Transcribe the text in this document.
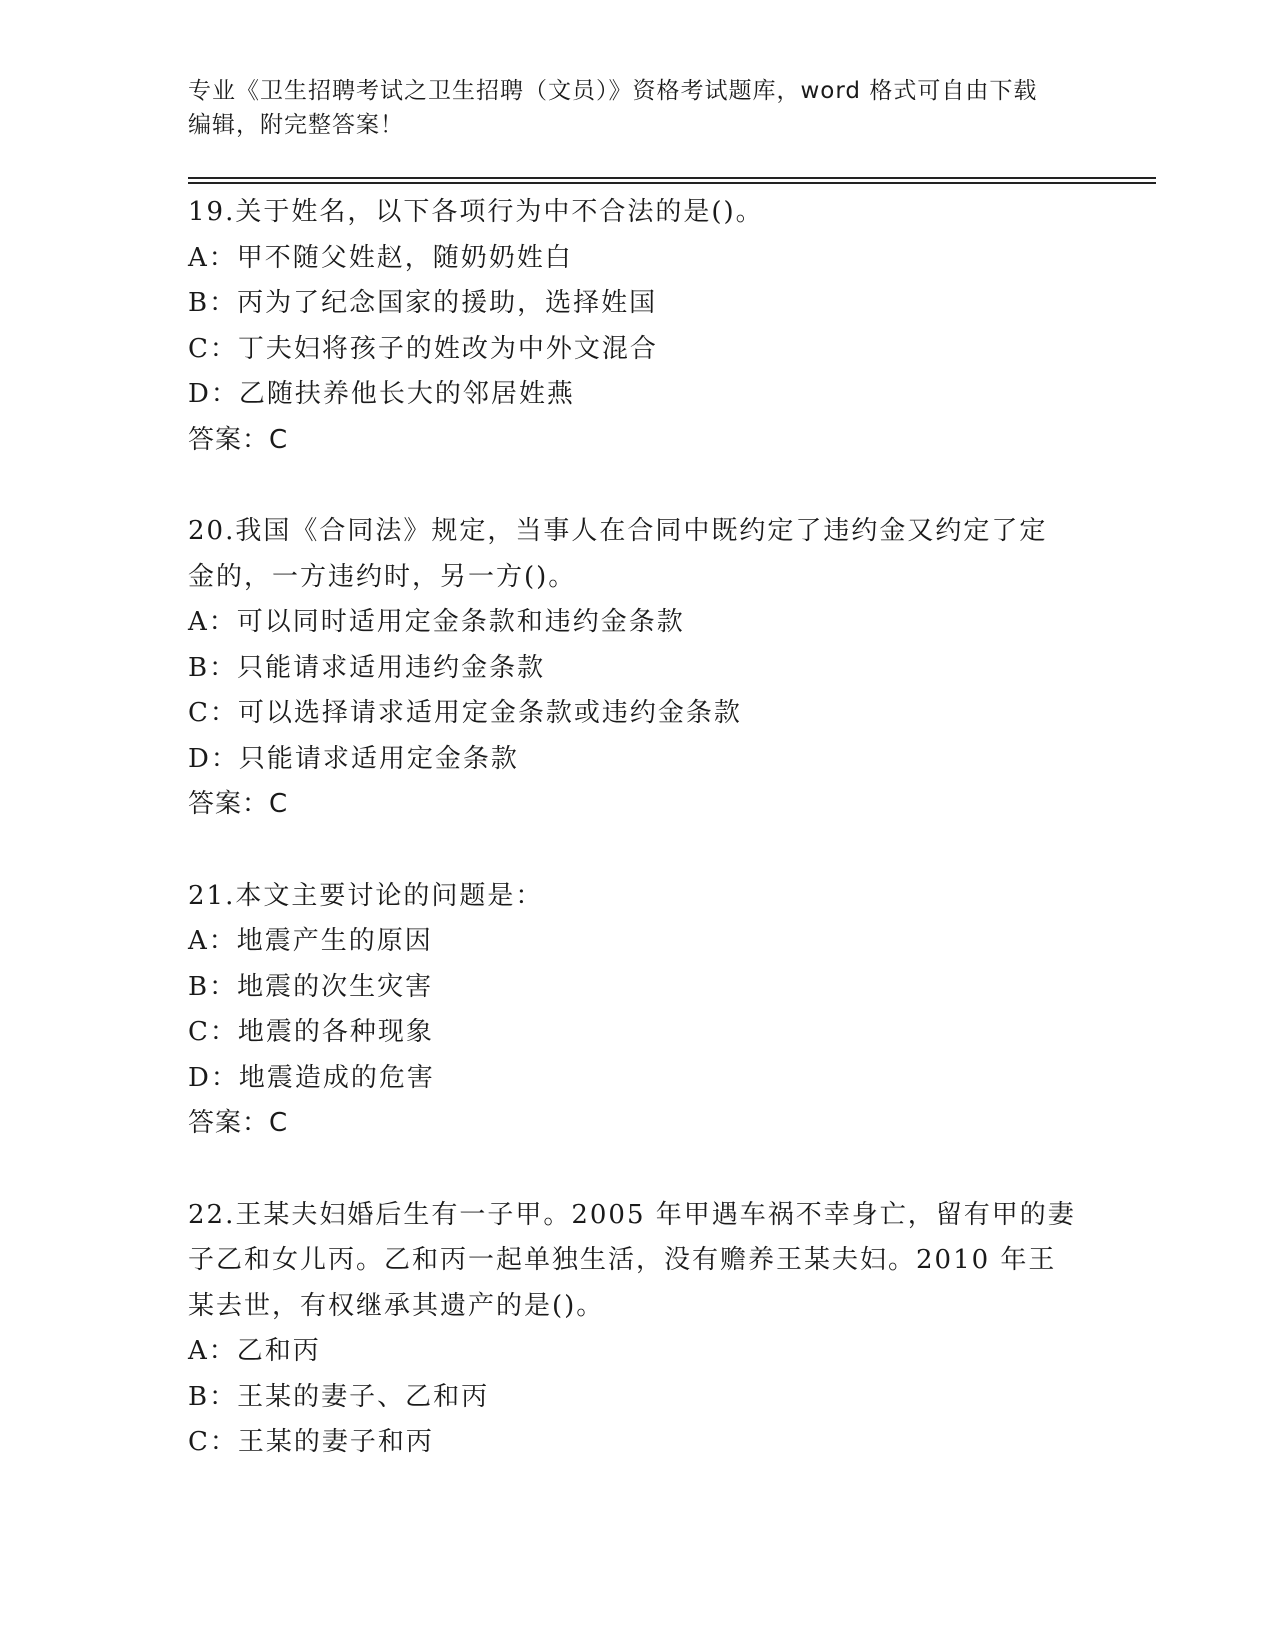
专业《卫生招聘考试之卫生招聘（文员）》资格考试题库，word 格式可自由下载
编辑，附完整答案！
19.关于姓名，以下各项行为中不合法的是()。
A：甲不随父姓赵，随奶奶姓白
B：丙为了纪念国家的援助，选择姓国
C：丁夫妇将孩子的姓改为中外文混合
D：乙随扶养他长大的邻居姓燕
答案：C
20.我国《合同法》规定，当事人在合同中既约定了违约金又约定了定
金的，一方违约时，另一方()。
A：可以同时适用定金条款和违约金条款
B：只能请求适用违约金条款
C：可以选择请求适用定金条款或违约金条款
D：只能请求适用定金条款
答案：C
21.本文主要讨论的问题是：
A：地震产生的原因
B：地震的次生灾害
C：地震的各种现象
D：地震造成的危害
答案：C
22.王某夫妇婚后生有一子甲。2005 年甲遇车祸不幸身亡，留有甲的妻
子乙和女儿丙。乙和丙一起单独生活，没有赡养王某夫妇。2010 年王
某去世，有权继承其遗产的是()。
A：乙和丙
B：王某的妻子、乙和丙
C：王某的妻子和丙
